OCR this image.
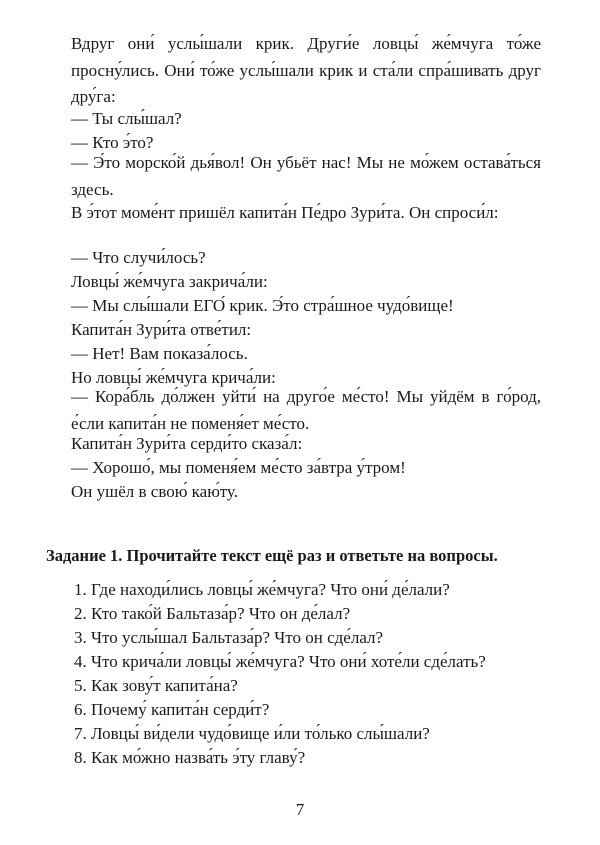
Вдруг они́ услы́шали крик. Други́е ловцы́ же́мчуга то́же просну́лись. Они́ то́же услы́шали крик и ста́ли спра́шивать друг дру́га:

— Ты слы́шал?

— Кто э́то?

— Э́то морско́й дья́вол! Он убьёт нас! Мы не мо́жем остава́ться здесь.

В э́тот моме́нт пришёл капита́н Пе́дро Зури́та. Он спроси́л:

— Что случи́лось?

Ловцы́ же́мчуга закрича́ли:

— Мы слы́шали ЕГО́ крик. Э́то стра́шное чудо́вище!

Капита́н Зури́та отве́тил:

— Нет! Вам показа́лось.

Но ловцы́ же́мчуга крича́ли:

— Кора́бль до́лжен уйти́ на друго́е ме́сто! Мы уйдём в го́род, е́сли капита́н не поменя́ет ме́сто.

Капита́н Зури́та серди́то сказа́л:

— Хорошо́, мы поменя́ем ме́сто за́втра у́тром!

Он ушёл в свою́ каю́ту.

Задание 1. Прочитайте текст ещё раз и ответьте на вопросы.

1. Где находи́лись ловцы́ же́мчуга? Что они́ де́лали?

2. Кто тако́й Бальтаза́р? Что он де́лал?

3. Что услы́шал Бальтаза́р? Что он сде́лал?

4. Что крича́ли ловцы́ же́мчуга? Что они́ хоте́ли сде́лать?

5. Как зову́т капита́на?

6. Почему́ капита́н серди́т?

7. Ловцы́ ви́дели чудо́вище и́ли то́лько слы́шали?

8. Как мо́жно назва́ть э́ту главу́?

7
